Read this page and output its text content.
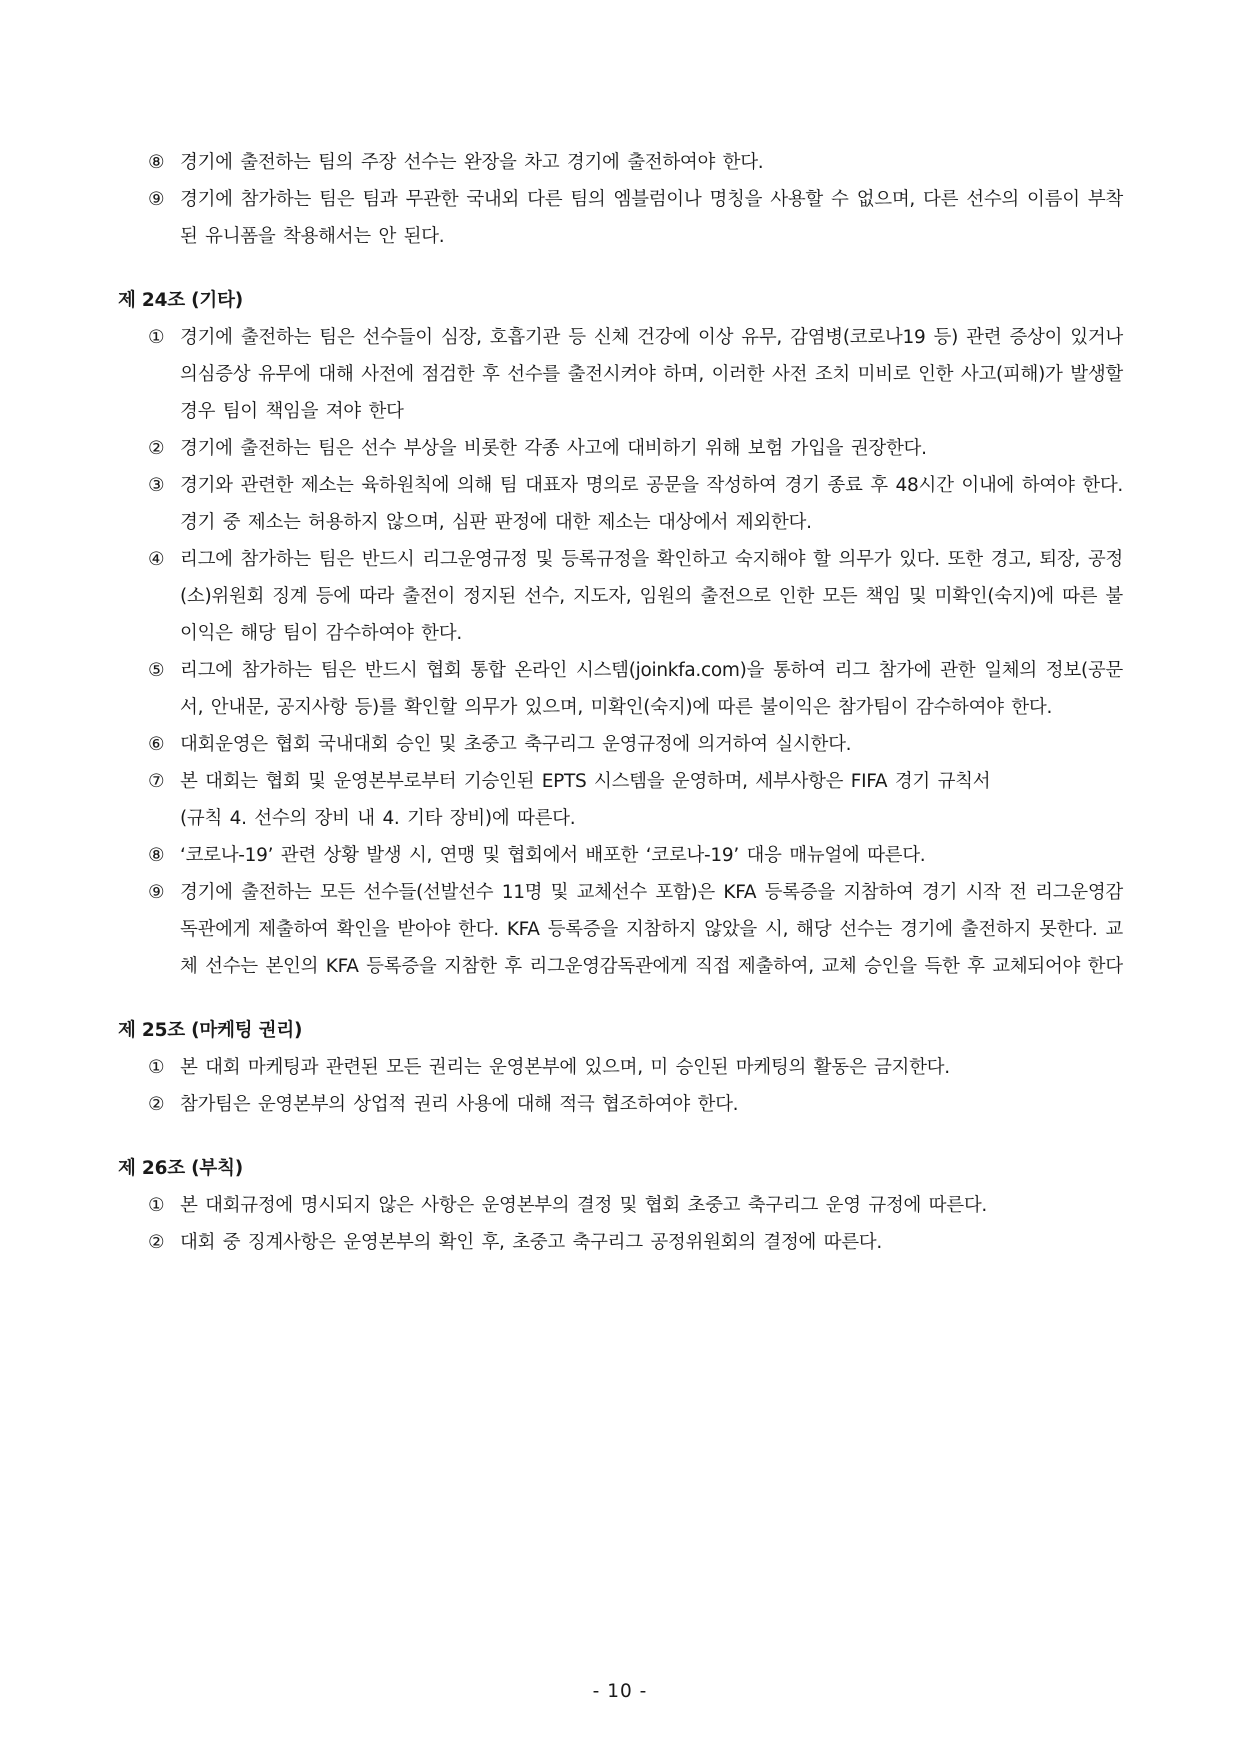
⑧ 경기에 출전하는 팀의 주장 선수는 완장을 차고 경기에 출전하여야 한다.
⑨ 경기에 참가하는 팀은 팀과 무관한 국내외 다른 팀의 엠블럼이나 명칭을 사용할 수 없으며, 다른 선수의 이름이 부착된 유니폼을 착용해서는 안 된다.
제 24조 (기타)
① 경기에 출전하는 팀은 선수들이 심장, 호흡기관 등 신체 건강에 이상 유무, 감염병(코로나19 등) 관련 증상이 있거나 의심증상 유무에 대해 사전에 점검한 후 선수를 출전시켜야 하며, 이러한 사전 조치 미비로 인한 사고(피해)가 발생할 경우 팀이 책임을 져야 한다
② 경기에 출전하는 팀은 선수 부상을 비롯한 각종 사고에 대비하기 위해 보험 가입을 권장한다.
③ 경기와 관련한 제소는 육하원칙에 의해 팀 대표자 명의로 공문을 작성하여 경기 종료 후 48시간 이내에 하여야 한다. 경기 중 제소는 허용하지 않으며, 심판 판정에 대한 제소는 대상에서 제외한다.
④ 리그에 참가하는 팀은 반드시 리그운영규정 및 등록규정을 확인하고 숙지해야 할 의무가 있다. 또한 경고, 퇴장, 공정(소)위원회 징계 등에 따라 출전이 정지된 선수, 지도자, 임원의 출전으로 인한 모든 책임 및 미확인(숙지)에 따른 불이익은 해당 팀이 감수하여야 한다.
⑤ 리그에 참가하는 팀은 반드시 협회 통합 온라인 시스템(joinkfa.com)을 통하여 리그 참가에 관한 일체의 정보(공문서, 안내문, 공지사항 등)를 확인할 의무가 있으며, 미확인(숙지)에 따른 불이익은 참가팀이 감수하여야 한다.
⑥ 대회운영은 협회 국내대회 승인 및 초중고 축구리그 운영규정에 의거하여 실시한다.
⑦ 본 대회는 협회 및 운영본부로부터 기승인된 EPTS 시스템을 운영하며, 세부사항은 FIFA 경기 규칙서
(규칙 4. 선수의 장비 내 4. 기타 장비)에 따른다.
⑧ ‘코로나-19’ 관련 상황 발생 시, 연맹 및 협회에서 배포한 ‘코로나-19’ 대응 매뉴얼에 따른다.
⑨ 경기에 출전하는 모든 선수들(선발선수 11명 및 교체선수 포함)은 KFA 등록증을 지참하여 경기 시작 전 리그운영감독관에게 제출하여 확인을 받아야 한다. KFA 등록증을 지참하지 않았을 시, 해당 선수는 경기에 출전하지 못한다. 교체 선수는 본인의 KFA 등록증을 지참한 후 리그운영감독관에게 직접 제출하여, 교체 승인을 득한 후 교체되어야 한다
제 25조 (마케팅 권리)
① 본 대회 마케팅과 관련된 모든 권리는 운영본부에 있으며, 미 승인된 마케팅의 활동은 금지한다.
② 참가팀은 운영본부의 상업적 권리 사용에 대해 적극 협조하여야 한다.
제 26조 (부칙)
① 본 대회규정에 명시되지 않은 사항은 운영본부의 결정 및 협회 초중고 축구리그 운영 규정에 따른다.
② 대회 중 징계사항은 운영본부의 확인 후, 초중고 축구리그 공정위원회의 결정에 따른다.
- 10 -
